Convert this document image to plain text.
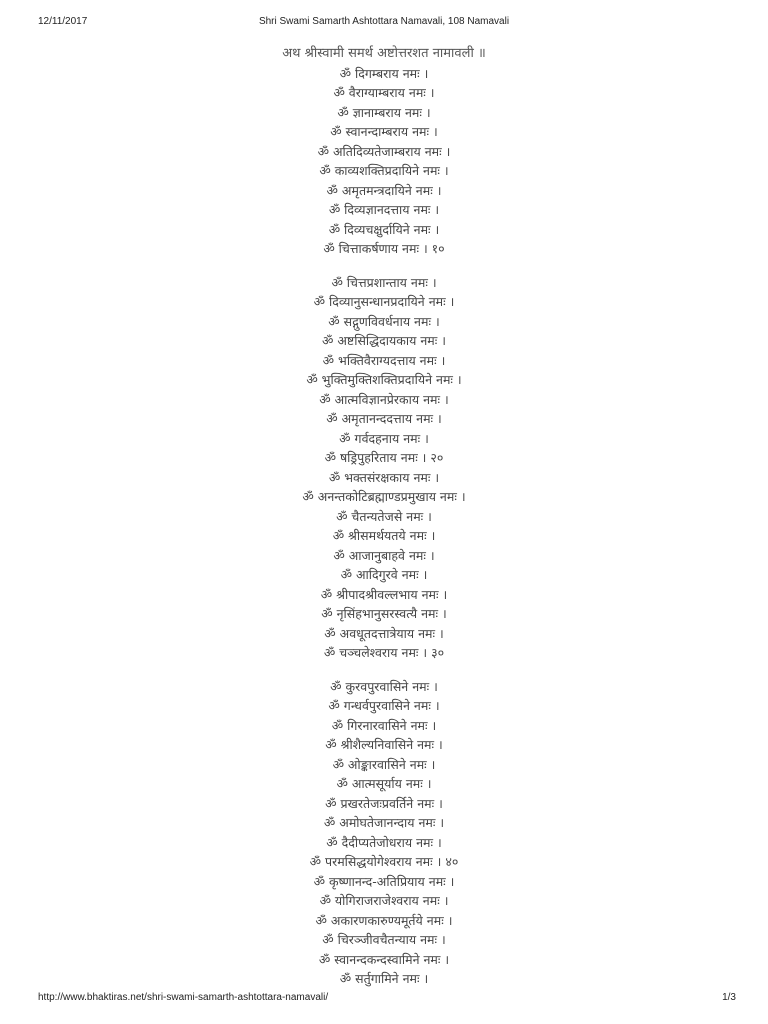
12/11/2017	Shri Swami Samarth Ashtottara Namavali, 108 Namavali
अथ श्रीस्वामी समर्थ अष्टोत्तरशत नामावली ॥
ॐ दिगम्बराय नमः ।
ॐ वैराग्याम्बराय नमः ।
ॐ ज्ञानाम्बराय नमः ।
ॐ स्वानन्दाम्बराय नमः ।
ॐ अतिदिव्यतेजाम्बराय नमः ।
ॐ काव्यशक्तिप्रदायिने नमः ।
ॐ अमृतमन्त्रदायिने नमः ।
ॐ दिव्यज्ञानदत्ताय नमः ।
ॐ दिव्यचक्षुर्दायिने नमः ।
ॐ चित्ताकर्षणाय नमः । १०
ॐ चित्तप्रशान्ताय नमः ।
ॐ दिव्यानुसन्धानप्रदायिने नमः ।
ॐ सद्गुणविवर्धनाय नमः ।
ॐ अष्टसिद्धिदायकाय नमः ।
ॐ भक्तिवैराग्यदत्ताय नमः ।
ॐ भुक्तिमुक्तिशक्तिप्रदायिने नमः ।
ॐ आत्मविज्ञानप्रेरकाय नमः ।
ॐ अमृतानन्ददत्ताय नमः ।
ॐ गर्वदहनाय नमः ।
ॐ षड्रिपुहरिताय नमः । २०
ॐ भक्तसंरक्षकाय नमः ।
ॐ अनन्तकोटिब्रह्माण्डप्रमुखाय नमः ।
ॐ चैतन्यतेजसे नमः ।
ॐ श्रीसमर्थयतये नमः ।
ॐ आजानुबाहवे नमः ।
ॐ आदिगुरवे नमः ।
ॐ श्रीपादश्रीवल्लभाय नमः ।
ॐ नृसिंहभानुसरस्वत्यै नमः ।
ॐ अवधूतदत्तात्रेयाय नमः ।
ॐ चञ्चलेश्वराय नमः । ३०
ॐ कुरवपुरवासिने नमः ।
ॐ गन्धर्वपुरवासिने नमः ।
ॐ गिरनारवासिने नमः ।
ॐ श्रीशैल्यनिवासिने नमः ।
ॐ ओङ्कारवासिने नमः ।
ॐ आत्मसूर्याय नमः ।
ॐ प्रखरतेजःप्रवर्तिने नमः ।
ॐ अमोघतेजानन्दाय नमः ।
ॐ दैदीप्यतेजोधराय नमः ।
ॐ परमसिद्धयोगेश्वराय नमः । ४०
ॐ कृष्णानन्द-अतिप्रियाय नमः ।
ॐ योगिराजराजेश्वराय नमः ।
ॐ अकारणकारुण्यमूर्तये नमः ।
ॐ चिरञ्जीवचैतन्याय नमः ।
ॐ स्वानन्दकन्दस्वामिने नमः ।
ॐ सर्तुगामिने नमः ।
http://www.bhaktiras.net/shri-swami-samarth-ashtottara-namavali/	1/3
